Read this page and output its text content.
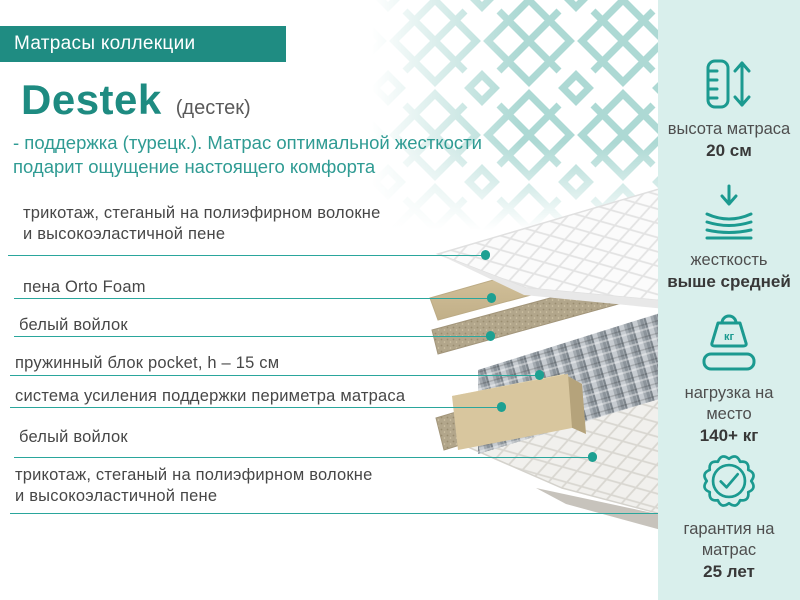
Матрасы коллекции
Destek (дестек)
- поддержка (турецк.). Матрас оптимальной жесткости
подарит ощущение настоящего комфорта
трикотаж, стеганый на полиэфирном волокне и высокоэластичной пене
пена Orto Foam
белый войлок
пружинный блок pocket, h – 15 см
система усиления поддержки периметра матраса
белый войлок
трикотаж, стеганый на полиэфирном волокне и высокоэластичной пене
высота матраса
20 см
жесткость
выше средней
кг
нагрузка на место
140+ кг
гарантия на матрас
25 лет
